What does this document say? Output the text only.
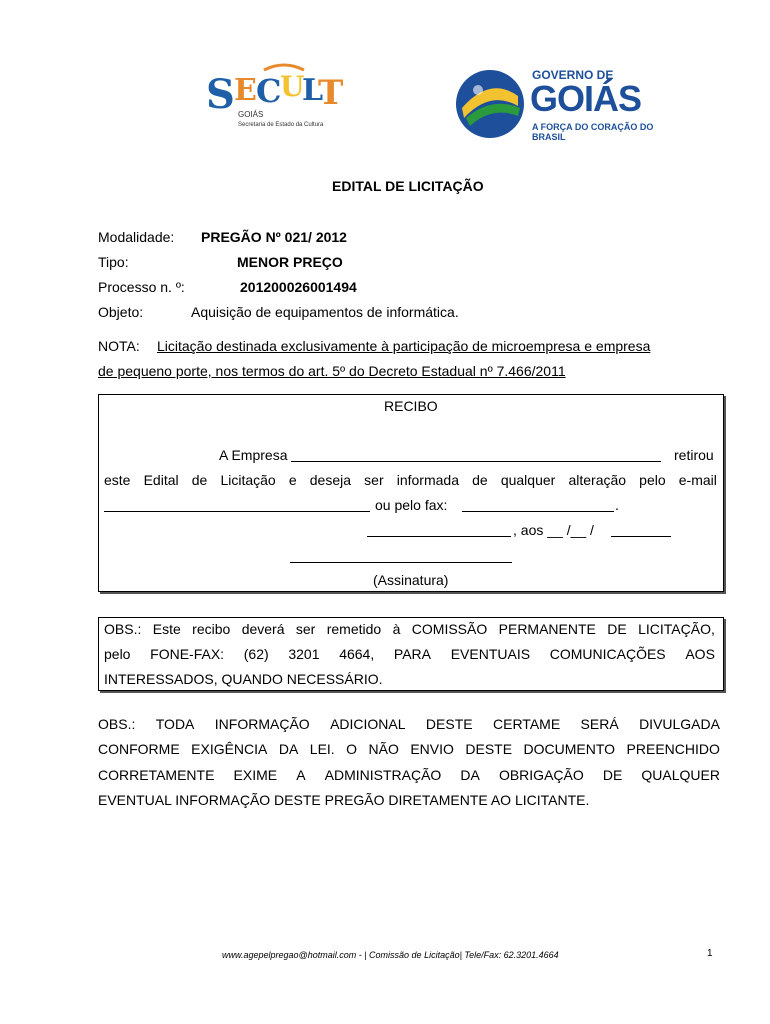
S E C
U
L
T
GOIÁS
Secretaria de Estado da Cultura
GOVERNO DE
GOIÁS
A FORÇA DO CORAÇÃO DO BRASIL
EDITAL DE LICITAÇÃO
Modalidade: PREGÃO Nº 021/ 2012
Tipo:	MENOR PREÇO
Processo n. º:	201200026001494
Objeto:	Aquisição de equipamentos de informática.
NOTA: Licitação destinada exclusivamente à participação de microempresa e empresa
de pequeno porte, nos termos do art. 5º do Decreto Estadual nº 7.466/2011
RECIBO
A Empresa	retirou
este Edital de Licitação e deseja ser informada de qualquer alteração pelo e-mail
ou pelo fax:	.
, aos __ /__ /
(Assinatura)
OBS.: Este recibo deverá ser remetido à COMISSÃO PERMANENTE DE LICITAÇÃO,
pelo FONE-FAX: (62) 3201 4664, PARA EVENTUAIS COMUNICAÇÕES AOS
INTERESSADOS, QUANDO NECESSÁRIO.
OBS.: TODA INFORMAÇÃO ADICIONAL DESTE CERTAME SERÁ DIVULGADA
CONFORME EXIGÊNCIA DA LEI. O NÃO ENVIO DESTE DOCUMENTO PREENCHIDO
CORRETAMENTE EXIME A ADMINISTRAÇÃO DA OBRIGAÇÃO DE QUALQUER
EVENTUAL INFORMAÇÃO DESTE PREGÃO DIRETAMENTE AO LICITANTE.
www.agepelpregao@hotmail.com - | Comissão de Licitação| Tele/Fax: 62.3201.4664	1
